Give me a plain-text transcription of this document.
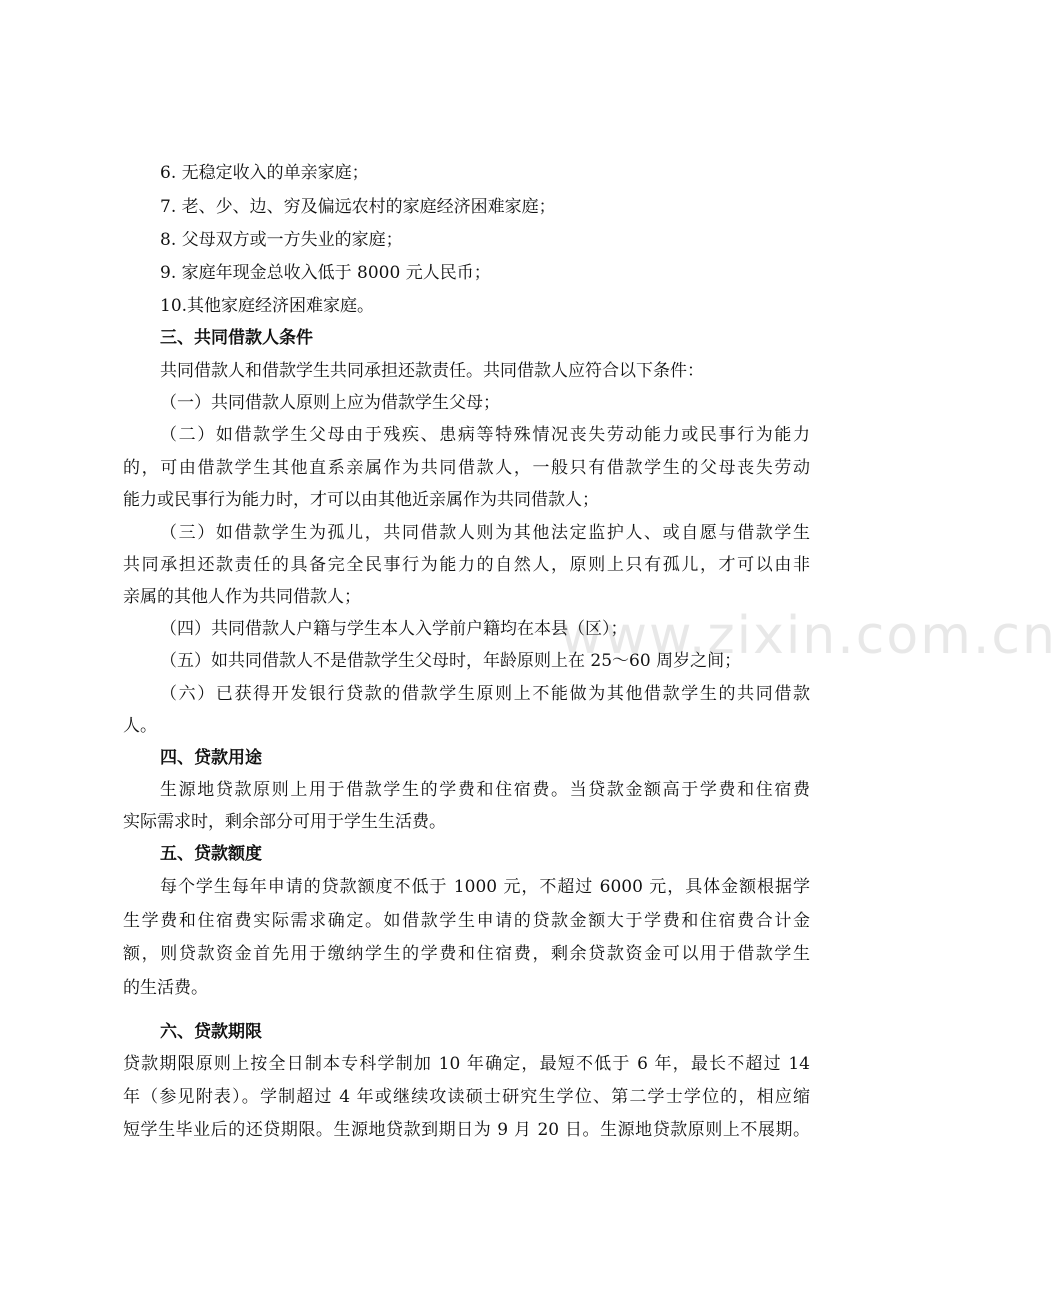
www.zixin.com.cn
6. 无稳定收入的单亲家庭；
7. 老、少、边、穷及偏远农村的家庭经济困难家庭；
8. 父母双方或一方失业的家庭；
9. 家庭年现金总收入低于 8000 元人民币；
10.其他家庭经济困难家庭。
三、共同借款人条件
共同借款人和借款学生共同承担还款责任。共同借款人应符合以下条件：
（一）共同借款人原则上应为借款学生父母；
（二）如借款学生父母由于残疾、患病等特殊情况丧失劳动能力或民事行为能力
的，可由借款学生其他直系亲属作为共同借款人，一般只有借款学生的父母丧失劳动
能力或民事行为能力时，才可以由其他近亲属作为共同借款人；
（三）如借款学生为孤儿，共同借款人则为其他法定监护人、或自愿与借款学生
共同承担还款责任的具备完全民事行为能力的自然人，原则上只有孤儿，才可以由非
亲属的其他人作为共同借款人；
（四）共同借款人户籍与学生本人入学前户籍均在本县（区）；
（五）如共同借款人不是借款学生父母时，年龄原则上在 25～60 周岁之间；
（六）已获得开发银行贷款的借款学生原则上不能做为其他借款学生的共同借款
人。
四、贷款用途
生源地贷款原则上用于借款学生的学费和住宿费。当贷款金额高于学费和住宿费
实际需求时，剩余部分可用于学生生活费。
五、贷款额度
每个学生每年申请的贷款额度不低于 1000 元，不超过 6000 元，具体金额根据学
生学费和住宿费实际需求确定。如借款学生申请的贷款金额大于学费和住宿费合计金
额，则贷款资金首先用于缴纳学生的学费和住宿费，剩余贷款资金可以用于借款学生
的生活费。
六、贷款期限
贷款期限原则上按全日制本专科学制加 10 年确定，最短不低于 6 年，最长不超过 14
年（参见附表）。学制超过 4 年或继续攻读硕士研究生学位、第二学士学位的，相应缩
短学生毕业后的还贷期限。生源地贷款到期日为 9 月 20 日。生源地贷款原则上不展期。
